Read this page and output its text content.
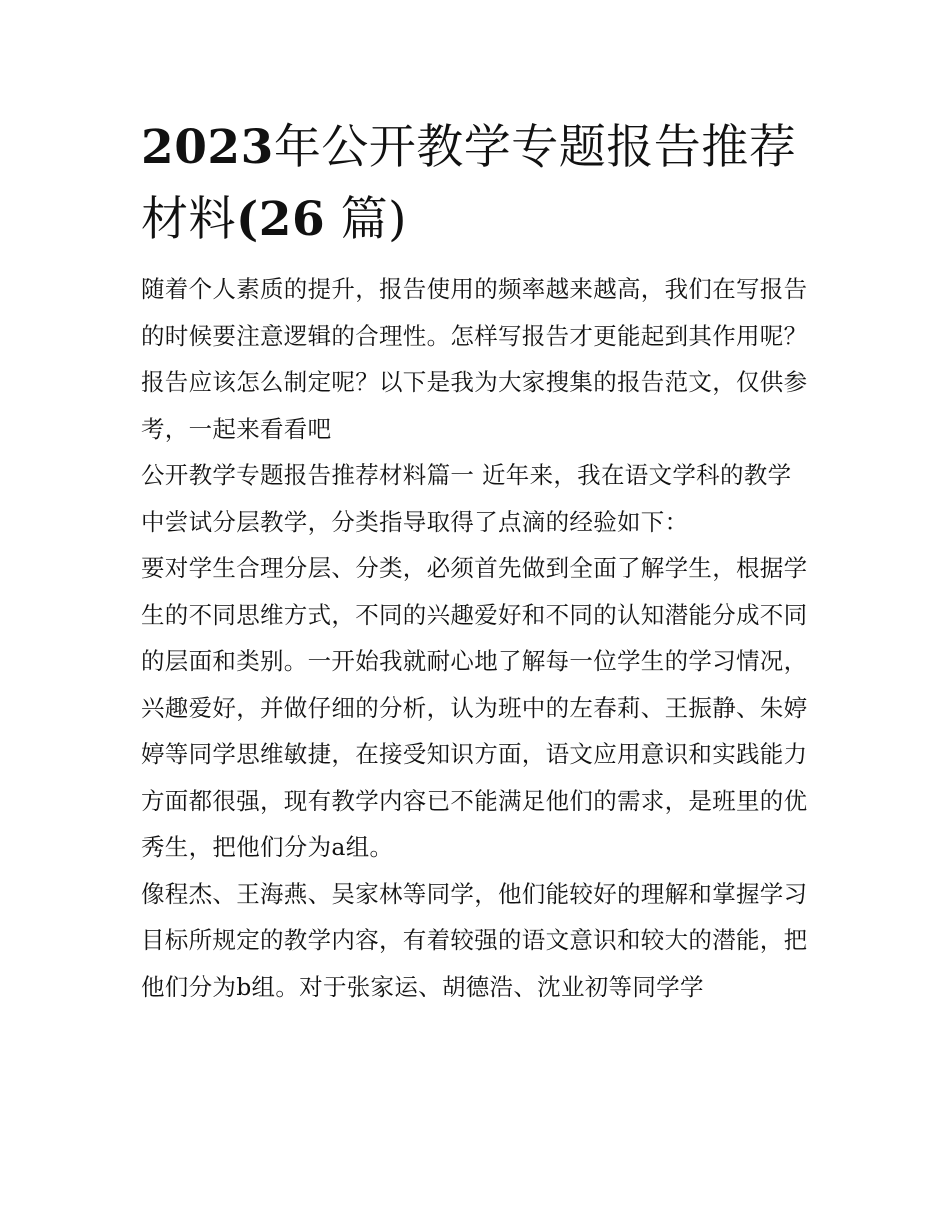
2023年公开教学专题报告推荐材料(26 篇)

随着个人素质的提升，报告使用的频率越来越高，我们在写报告的时候要注意逻辑的合理性。怎样写报告才更能起到其作用呢？报告应该怎么制定呢？以下是我为大家搜集的报告范文，仅供参考，一起来看看吧

公开教学专题报告推荐材料篇一 近年来，我在语文学科的教学中尝试分层教学，分类指导取得了点滴的经验如下：

要对学生合理分层、分类，必须首先做到全面了解学生，根据学生的不同思维方式，不同的兴趣爱好和不同的认知潜能分成不同的层面和类别。一开始我就耐心地了解每一位学生的学习情况，兴趣爱好，并做仔细的分析，认为班中的左春莉、王振静、朱婷婷等同学思维敏捷，在接受知识方面，语文应用意识和实践能力方面都很强，现有教学内容已不能满足他们的需求，是班里的优秀生，把他们分为a组。

像程杰、王海燕、吴家林等同学，他们能较好的理解和掌握学习目标所规定的教学内容，有着较强的语文意识和较大的潜能，把他们分为b组。对于张家运、胡德浩、沈业初等同学学
